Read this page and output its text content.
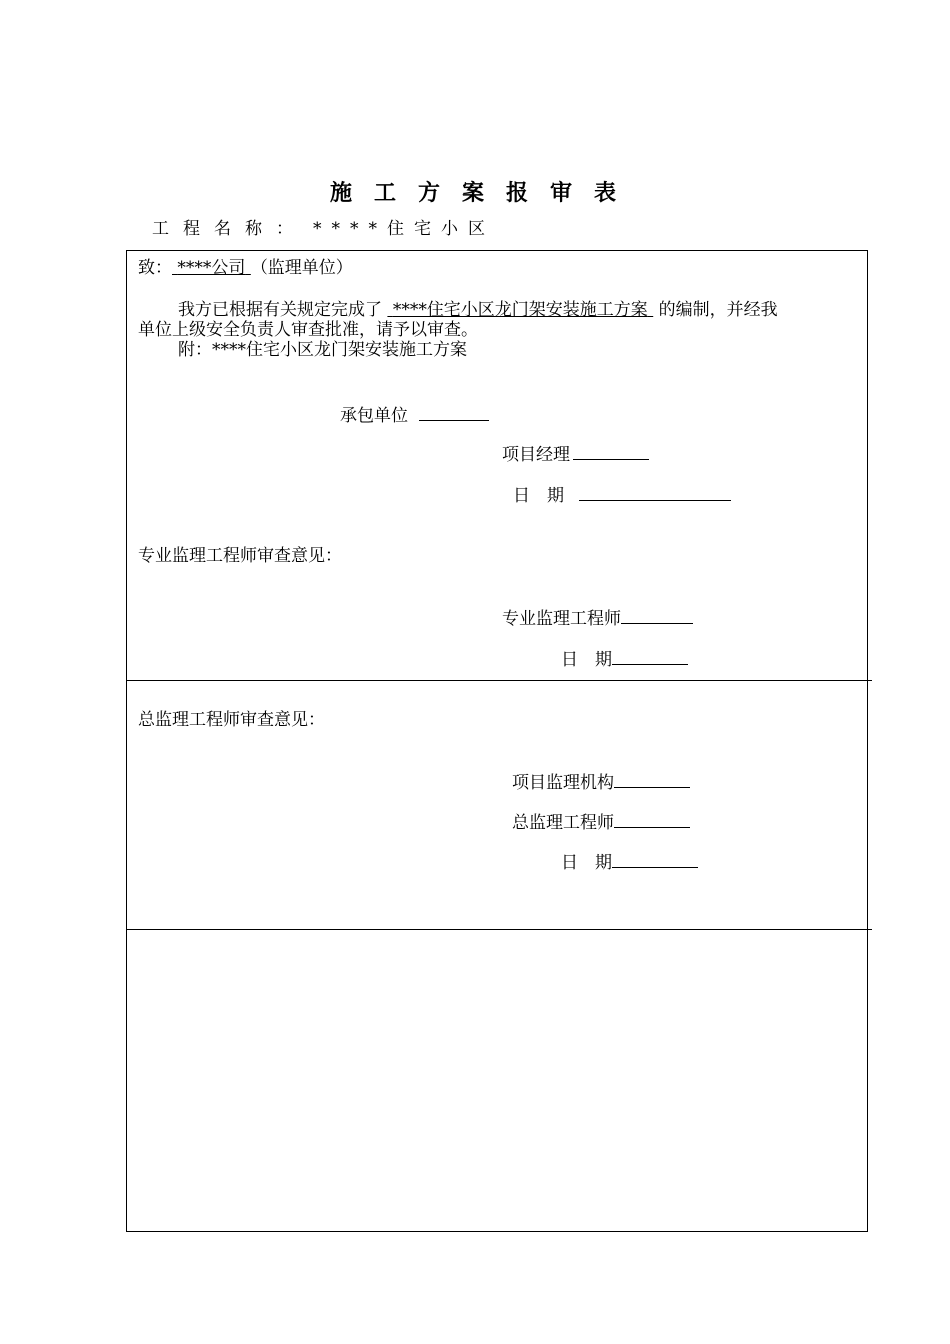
施工方案报审表
工程名称： ****住宅小区
致： ****公司 （监理单位）
我方已根据有关规定完成了 ****住宅小区龙门架安装施工方案 的编制，并经我
单位上级安全负责人审查批准，请予以审查。
附：****住宅小区龙门架安装施工方案
承包单位
项目经理
日　期
专业监理工程师审查意见：
专业监理工程师
日　期
总监理工程师审查意见：
项目监理机构
总监理工程师
日　期
